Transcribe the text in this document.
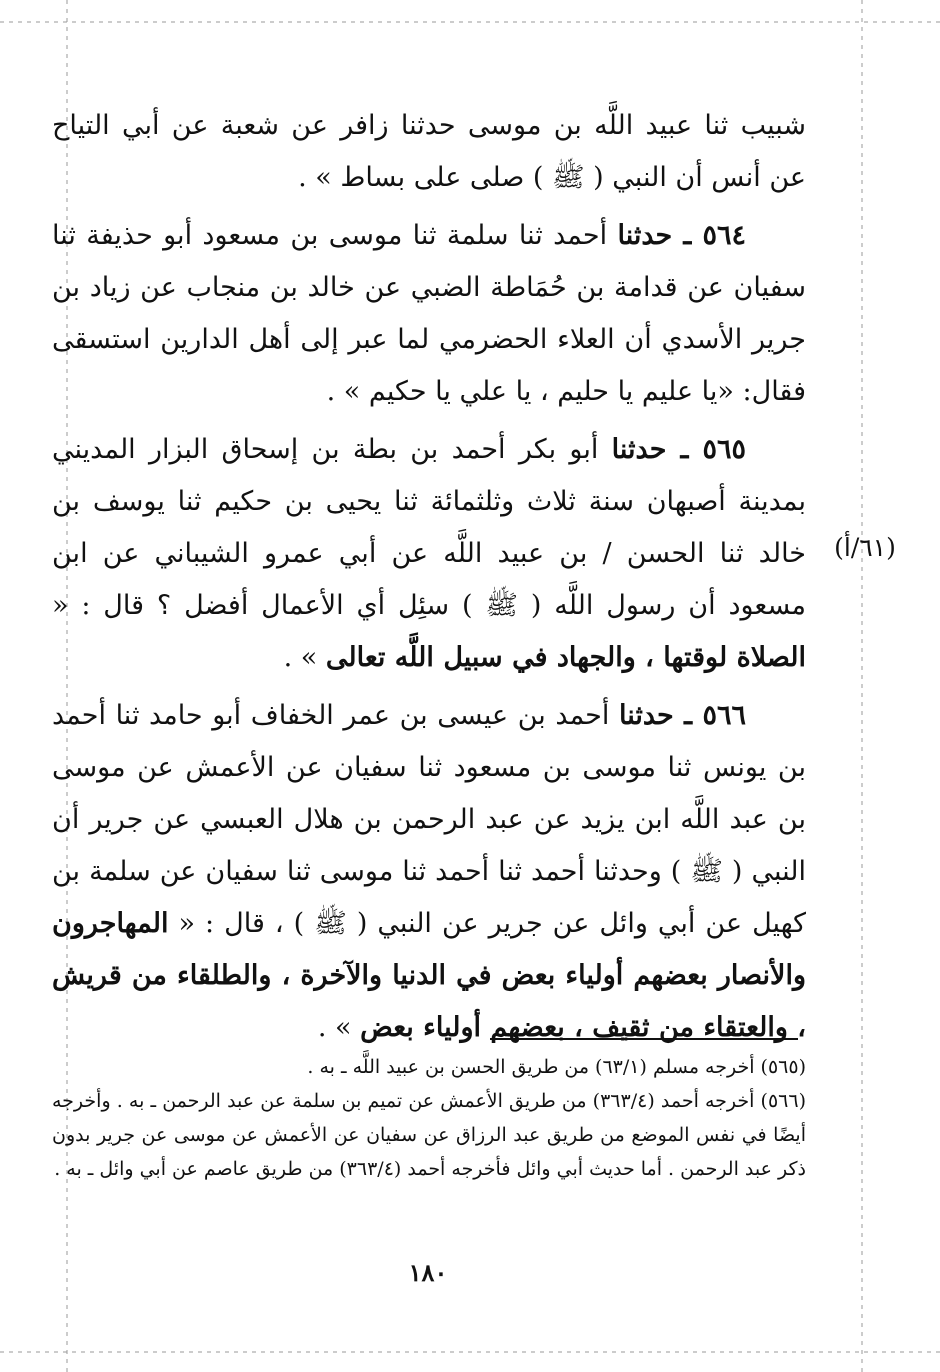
شبيب ثنا عبيد اللَّه بن موسى حدثنا زافر عن شعبة عن أبي التياح عن أنس أن النبي ( ﷺ ) صلى على بساط » .

٥٦٤ ـ حدثنا أحمد ثنا سلمة ثنا موسى بن مسعود أبو حذيفة ثنا سفيان عن قدامة بن حُمَاطة الضبي عن خالد بن منجاب عن زياد بن جرير الأسدي أن العلاء الحضرمي لما عبر إلى أهل الدارين استسقى فقال: «يا عليم يا حليم ، يا علي يا حكيم » .

٥٦٥ ـ حدثنا أبو بكر أحمد بن بطة بن إسحاق البزار المديني بمدينة أصبهان سنة ثلاث وثلثمائة ثنا يحيى بن حكيم ثنا يوسف بن خالد ثنا الحسن / بن عبيد اللَّه عن أبي عمرو الشيباني عن ابن مسعود أن رسول اللَّه ( ﷺ ) سئِل أي الأعمال أفضل ؟ قال : « الصلاة لوقتها ، والجهاد في سبيل اللَّه تعالى » .

٥٦٦ ـ حدثنا أحمد بن عيسى بن عمر الخفاف أبو حامد ثنا أحمد بن يونس ثنا موسى بن مسعود ثنا سفيان عن الأعمش عن موسى بن عبد اللَّه ابن يزيد عن عبد الرحمن بن هلال العبسي عن جرير أن النبي ( ﷺ ) وحدثنا أحمد ثنا أحمد ثنا موسى ثنا سفيان عن سلمة بن كهيل عن أبي وائل عن جرير عن النبي ( ﷺ ) ، قال : « المهاجرون والأنصار بعضهم أولياء بعض في الدنيا والآخرة ، والطلقاء من قريش ، والعتقاء من ثقيف ، بعضهم أولياء بعض » .

(٦١/أ)

(٥٦٥) أخرجه مسلم (٦٣/١) من طريق الحسن بن عبيد اللَّه ـ به .

(٥٦٦) أخرجه أحمد (٣٦٣/٤) من طريق الأعمش عن تميم بن سلمة عن عبد الرحمن ـ به . وأخرجه أيضًا في نفس الموضع من طريق عبد الرزاق عن سفيان عن الأعمش عن موسى عن جرير بدون ذكر عبد الرحمن . أما حديث أبي وائل فأخرجه أحمد (٣٦٣/٤) من طريق عاصم عن أبي وائل ـ به .

١٨٠
